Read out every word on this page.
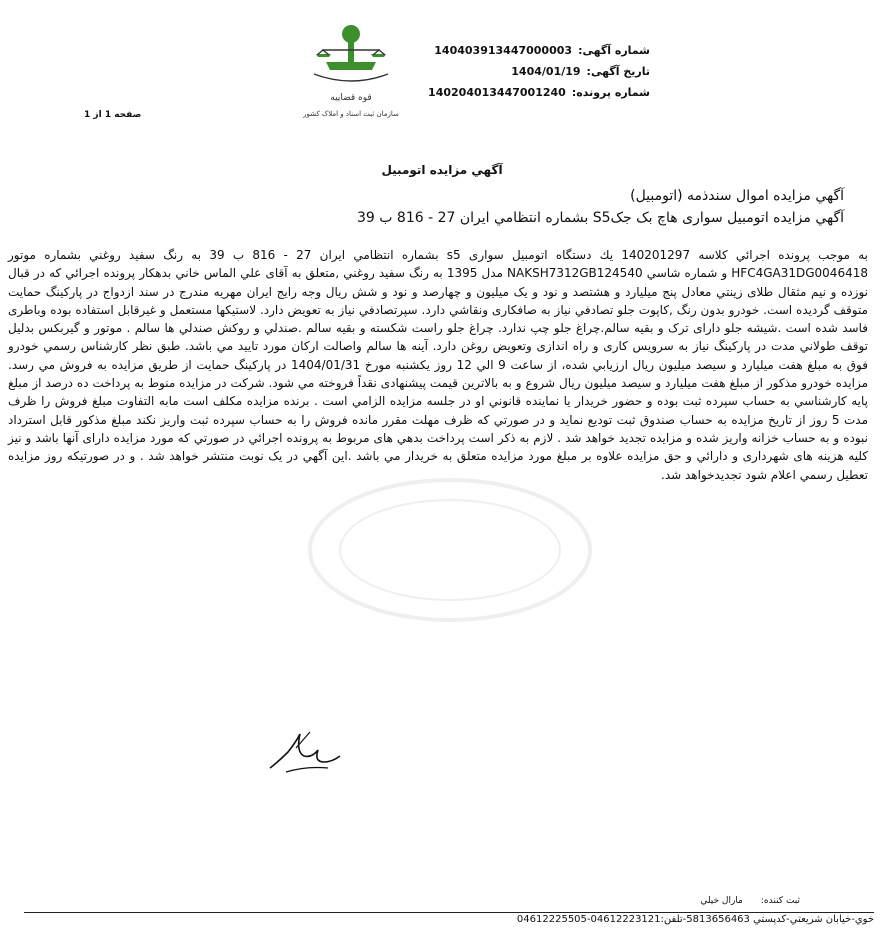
قوه قضاییه
سازمان ثبت اسناد و املاک کشور
شماره آگهی:
140403913447000003
تاریخ آگهی:
1404/01/19
شماره پرونده:
140204013447001240
صفحه 1 از 1
آگهي مزايده اتومبيل
آگهي مزايده اموال سندذمه (اتومبيل)
آگهي مزايده اتومبيل سواری هاچ بک جکS5 بشماره انتظامي ايران 27 - 816 ب 39

به موجب پرونده اجرائي كلاسه 140201297 يك دستگاه اتومبيل سواری s5 بشماره انتظامي ايران 27 - 816 ب 39 به رنگ سفيد روغني بشماره موتور HFC4GA31DG0046418 و شماره شاسي NAKSH7312GB124540 مدل 1395 به رنگ سفيد روغني ,متعلق به آقای علي الماس خاني بدهكار پرونده اجرائي كه در قبال نوزده و نيم مثقال طلای زينتي معادل پنج ميليارد و هشتصد و نود و يک ميليون و چهارصد و نود و شش ريال وجه رايج ايران مهريه مندرج در سند ازدواج در پاركينگ حمايت متوقف گرديده است. خودرو بدون رنگ ,كاپوت جلو تصادفي نياز به صافكاری ونقاشي دارد. سپرتصادفي نياز به تعويض دارد. لاستيكها مستعمل و غيرقابل استفاده بوده وباطری فاسد شده است .شيشه جلو دارای ترک و بقيه سالم.چراغ جلو چپ ندارد. چراغ جلو راست شكسته و بقيه سالم .صندلي و روكش صندلي ها سالم . موتور و گيربكس بدليل توقف طولاني مدت در پاركينگ نياز به سرويس كاری و راه اندازی وتعويض روغن دارد. آينه ها سالم واصالت اركان مورد تاييد مي باشد. طبق نظر كارشناس رسمي خودرو فوق به مبلغ هفت ميليارد و سيصد ميليون ريال ارزيابي شده، از ساعت 9 الي 12 روز يكشنبه مورخ 1404/01/31 در پاركينگ حمايت از طريق مزايده به فروش مي رسد. مزايده خودرو مذكور از مبلغ هفت ميليارد و سيصد ميليون ريال شروع و به بالاترين قيمت پيشنهادی نقداً فروخته مي شود. شركت در مزايده منوط به پرداخت ده درصد از مبلغ پايه كارشناسي به حساب سپرده ثبت بوده و حضور خريدار يا نماينده قانوني او در جلسه مزايده الزامي است . برنده مزايده مكلف است مابه التفاوت مبلغ فروش را ظرف مدت 5 روز از تاريخ مزايده به حساب صندوق ثبت توديع نمايد و در صورتي كه ظرف مهلت مقرر مانده فروش را به حساب سپرده ثبت واريز نكند مبلغ مذكور قابل استرداد نبوده و به حساب خزانه واريز شده و مزايده تجديد خواهد شد . لازم به ذكر است پرداخت بدهي های مربوط به پرونده اجرائي در صورتي كه مورد مزايده دارای آنها باشد و نيز كليه هزينه های شهرداری و دارائي و حق مزايده علاوه بر مبلغ مورد مزايده متعلق به خريدار مي باشد .اين آگهي در يک نوبت منتشر خواهد شد . و در صورتيكه روز مزايده تعطيل رسمي اعلام شود تجديدخواهد شد.

ثبت كننده:
مارال خيلي
خوي-خيابان شريعتي-كدپستي 5813656463-تلفن:04612223121-04612225505
